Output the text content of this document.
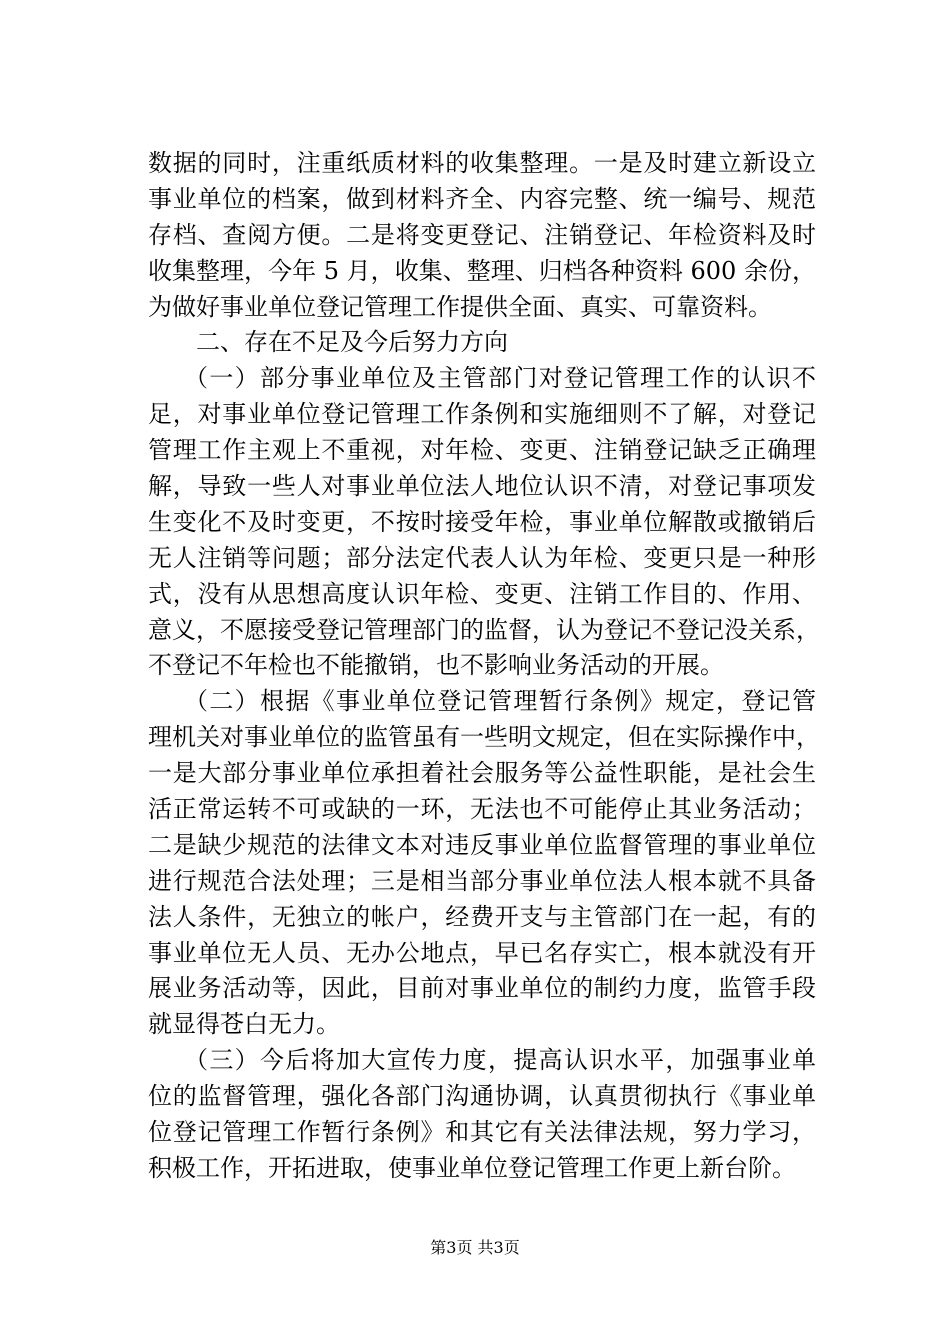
数据的同时，注重纸质材料的收集整理。一是及时建立新设立
事业单位的档案，做到材料齐全、内容完整、统一编号、规范
存档、查阅方便。二是将变更登记、注销登记、年检资料及时
收集整理，今年 5 月，收集、整理、归档各种资料 600 余份，
为做好事业单位登记管理工作提供全面、真实、可靠资料。
二、存在不足及今后努力方向
（一）部分事业单位及主管部门对登记管理工作的认识不
足，对事业单位登记管理工作条例和实施细则不了解，对登记
管理工作主观上不重视，对年检、变更、注销登记缺乏正确理
解，导致一些人对事业单位法人地位认识不清，对登记事项发
生变化不及时变更，不按时接受年检，事业单位解散或撤销后
无人注销等问题；部分法定代表人认为年检、变更只是一种形
式，没有从思想高度认识年检、变更、注销工作目的、作用、
意义，不愿接受登记管理部门的监督，认为登记不登记没关系，
不登记不年检也不能撤销，也不影响业务活动的开展。
（二）根据《事业单位登记管理暂行条例》规定，登记管
理机关对事业单位的监管虽有一些明文规定，但在实际操作中，
一是大部分事业单位承担着社会服务等公益性职能，是社会生
活正常运转不可或缺的一环，无法也不可能停止其业务活动；
二是缺少规范的法律文本对违反事业单位监督管理的事业单位
进行规范合法处理；三是相当部分事业单位法人根本就不具备
法人条件，无独立的帐户，经费开支与主管部门在一起，有的
事业单位无人员、无办公地点，早已名存实亡，根本就没有开
展业务活动等，因此，目前对事业单位的制约力度，监管手段
就显得苍白无力。
（三）今后将加大宣传力度，提高认识水平，加强事业单
位的监督管理，强化各部门沟通协调，认真贯彻执行《事业单
位登记管理工作暂行条例》和其它有关法律法规，努力学习，
积极工作，开拓进取，使事业单位登记管理工作更上新台阶。
第3页 共3页
